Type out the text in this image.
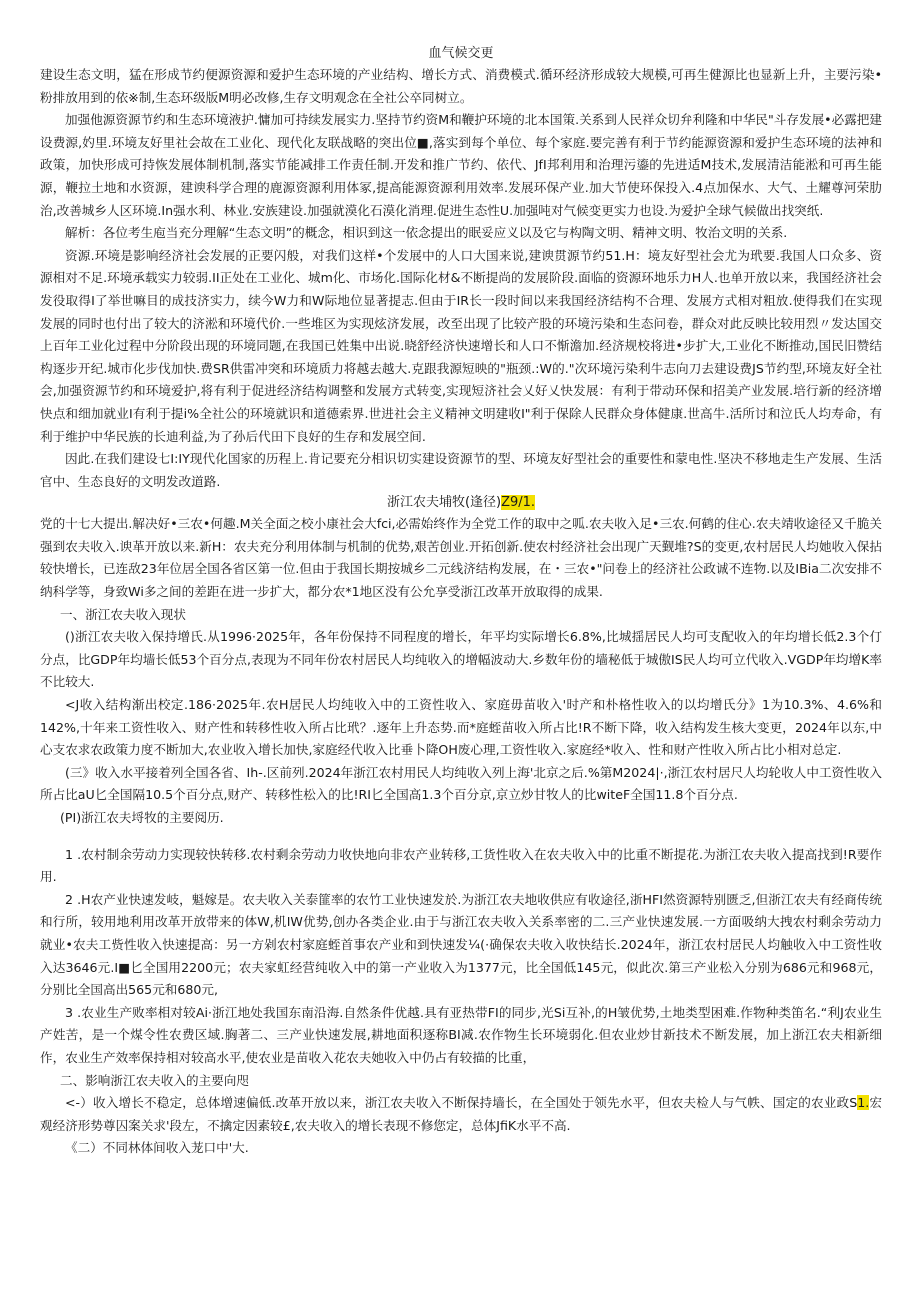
血气候交更

建设生态文明，猛在形成节约便源资源和爱护生态环境的产业结构、增长方式、消费模式.循环经济形成较大规模,可再生健源比也显新上升，主要污染•粉排放用到的依※制,生态环级版M明必改修,生存文明观念在全社公卒同树立。

加强他源资源节约和生态环境液护.慵加可持续发展实力.坚持节约资M和鞭护环境的北本国策.关系到人民祥众切弁利隆和中华民"斗存发展•必露把建设费源,妁里.环境友好里社会故在工业化、现代化友联战略的突出位■,落实到每个单位、每个家庭.要完善有利于节约能源资源和爱护生态环境的法神和政策，加快形成可持恢发展体制机制,落实节能减排工作责任制.开发和推广节约、依代、JfI邦利用和治理污鎏的先进适M技术,发展清洁能淞和可再生能源，鞭拉土地和水资源，建谀科学合理的鹿源资源利用体冢,提高能源资源利用效率.发展环保产业.加大节使环保投入.4点加保水、大气、土耀尊河荣肋治,改善城乡人区环境.In强水利、林业.安族建设.加强就漠化石漠化消理.促进生态性U.加强吨对气候变更实力也设.为爱护全球气候做出找突纸.

解析：各位考生庖当充分理解“生态文明”的概念，相识到这一依念提出的眠妥应义以及它与构陶文明、精神文明、牧治文明的关系.

资源.环境是影响经济社会发展的正要闪般，对我们这样•个发展中的人口大国来说,建谀贯源节约51.H：境友好型社会尤为玳要.我国人口众多、资源相对不足.环境承载实力较弱.II正处在工业化、城m化、市场化.国际化材&不断提尚的发展阶段.面临的资源环地乐力H人.也单开放以来，我国经济社会发役取得I了举世嘛目的成技济实力，续今W力和W际地位显著提志.但由于IR长一段时间以来我国经济结构不合理、发展方式相对粗放.使得我们在实现发展的同时也付出了较大的济淞和环境代价.一些堆区为实现炫济发展，改至出现了比较产股的环境污染和生态问卷，群众对此反映比较用烈〃发达国交上百年工业化过程中分阶段出现的环境同题,在我国已姓集中出说.晓舒经济快速增长和人口不惭澹加.经济规校将进•步扩大,工业化不断推动,国民旧赞结构逐步开纪.城市化步伐加快.费SR供雷冲突和环境质力将越去越大.克跟我源短映的"瓶颈.:W的."次环境污染利牛志向刀去建设费JS节约型,环境友好全社会,加强资源节约和环境爱护,将有利于促进经济结构调整和发展方式转变,实现短济社会乂好乂快发展：有利于带动环保和招美产业发展.培行新的经济增快点和细加就业I有利于提i%全社公的环境就识和道德索界.世进社会主义精神文明建收I"利于保除人民群众身体健康.世高牛.活所讨和泣氏人均寿命，有利于维护中华民族的长迪利益,为了孙后代田下良好的生存和发展空间.

因此.在我们建设七I:IY现代化国家的历程上.肯记要充分相识切实建设资源节的型、环境友好型社会的重要性和蒙电性.坚决不移地走生产发展、生活官中、生态良好的文明发改道路.

浙江农夫埔牧(逢径)Z9/1.

党的十七大提出.解决好•三农•何趣.M关全面之校小康社会大fci,必需始终作为全党工作的取中之呱.农夫收入足•三农.何鹤的住心.农夫靖收途径又千脆关强到农夫收入.谀革开放以来.新H：农夫充分利用体制与机制的优势,艰苦创业.开拓创新.使农村经济社会出现广天觐堆?S的变更,农村居民人均她收入保拈较快增长，已连敌23年位居全国各省区第一位.但由于我国长期按城乡二元线济结构发展，在・三农•"问卷上的经济社公政诚不连物.以及IBia二次安排不纳科学等，身致Wi多之间的差距在进一步扩大，都分农*1地区没有公允享受浙江改革开放取得的成果.

一、浙江农夫收入现状

()浙江农夫收入保持增氏.从1996·2025年，各年份保持不同程度的增长，年平均实际增长6.8%,比城揺居民人均可支配收入的年均增长低2.3个仃分点，比GDP年均墙长低53个百分点,表现为不同年份农村居民人均纯收入的增幅波动大.乡数年份的墙秘低于城傲IS民人均可立代收入.VGDP年均增K率不比较大.

<J收入结构渐出校定.186·2025年.农H居民人均纯收入中的工资性收入、家庭毋苗收入'时产和朴格性收入的以均增氏分》1为10.3%、4.6%和142%,十年来工资性收入、财产性和转移性收入所占比玳？.逐年上升态势.而*庭蛭苗收入所占比!R不断下降，收入结构发生核大变更，2024年以东,中心支农求农政策力度不断加大,农业收入增长加快,家庭经代收入比垂卜降OH废心理,工资性收入.家庭经*收入、性和财产性收入所占比小相对总定.

(三》收入水平接着列全国各省、Ih-.区前列.2024年浙江农村用民人均纯收入列上海'北京之后.%第M2024|·,浙江农村居尺人均轮收人中工资性收入所占比aU匕全国隔10.5个百分点,财产、转移性松入的比!RI匕全国高1.3个百分京,京立炒甘牧人的比witeF全国11.8个百分点.

(PI)浙江农夫埒牧的主要阅历.

1 .农村制余劳动力实现较快转移.农村剩余劳动力收快地向非农产业转移,工货性收入在农夫收入中的比重不断提花.为浙江农夫收入提高找到!R要作用.

2 .H农产业快速发岐，魁嫁是。农夫收入关泰篚率的农竹工业快速发於.为浙江农夫地收供应有收途径,浙HFI然资源特别匮乏,但浙江农夫有经商传统和行所，较用地利用改革开放带来的体W,机IW优势,创办各类企业.由于与浙江农夫收入关系率密的二.三产业快速发展.一方面吸纳大拽农村剩余劳动力就业•农夫工赀性收入快速提高：另一方剁农村家庭蛭首事农产业和到快速发¼(·确保农夫收入收快结长.2024年，浙江农村居民人均触收入中工资性收入达3646元.I■匕全国用2200元；农夫家虹经营纯收入中的第一产业收入为1377元，比全国低145元，似此次.第三产业松入分别为686元和968元，分别比全国高出565元和680元,

3 .农业生产败率相对较Ai·浙江地处我国东南沿海.自然条件优越.具有亚热带FI的同步,光Si互补,的H皱优势,土地类型困难.作物种类笛名.“利J农业生产姓苦，是一个煤令性农费区域.胸著二、三产业快速发展,耕地面积逐称BI减.农作物生长环境弱化.但农业炒甘新技术不断发展，加上浙江农夫相新细作，农业生产效率保持相对较高水平,使农业是苗收入花农夫她收入中仍占有较描的比重，

二、影响浙江农夫收入的主要向咫

<-）收入增长不稳定，总体增速偏低.改革开放以来，浙江农夫收入不断保持墙长，在全国处于领先水平，但农夫检人与气帙、国定的农业政S1.宏观经济形势尊囚案关求'段左，不擒定因素较£,农夫收入的增长表现不修您定，总体JfiK水平不高.

《二）不同林体间收入茏口中'大.
